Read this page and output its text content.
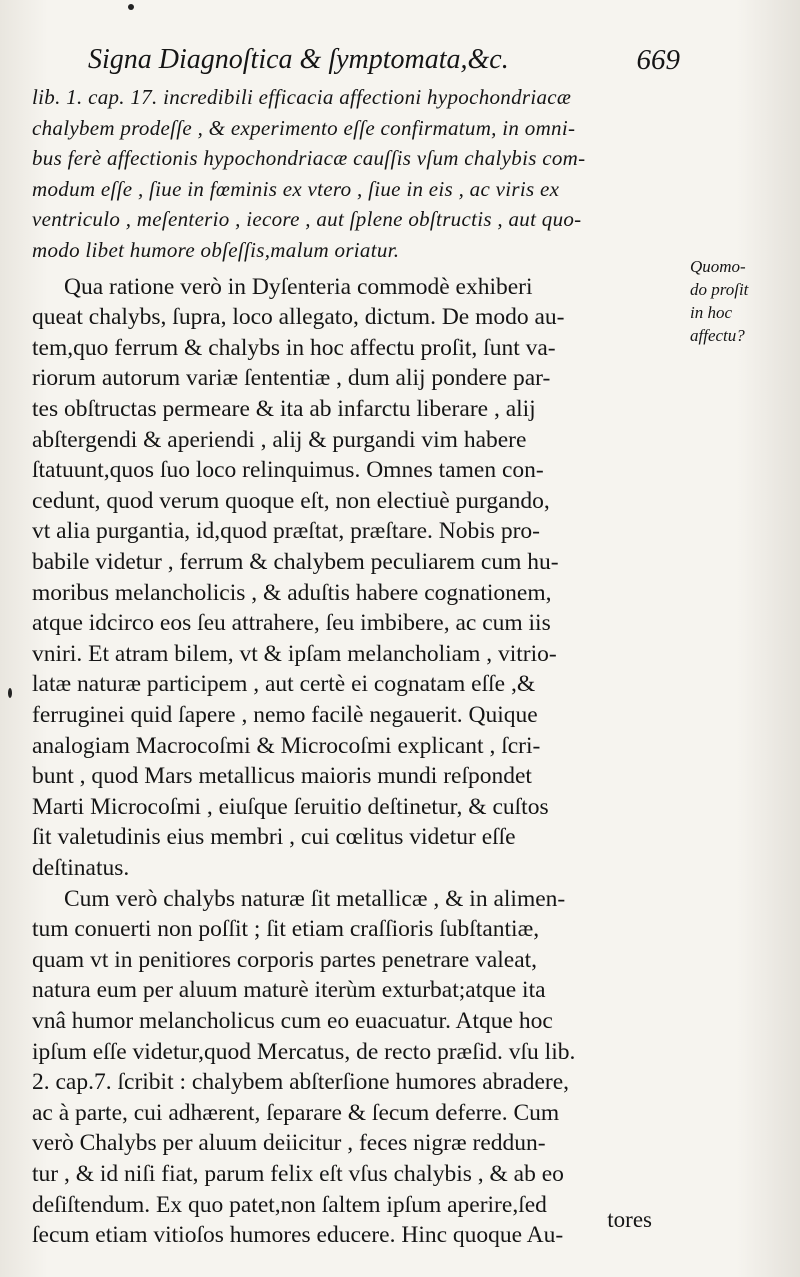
Signa Diagnoſtica & ſymptomata,&c.	669
lib. 1. cap. 17. incredibili efficacia affectioni hypochondriacæ
chalybem prodeſſe , & experimento eſſe confirmatum, in omni-
bus ferè affectionis hypochondriacæ cauſſis vſum chalybis com-
modum eſſe , ſiue in fœminis ex vtero , ſiue in eis , ac viris ex
ventriculo , meſenterio , iecore , aut ſplene obſtructis , aut quo-
modo libet humore obſeſſis,malum oriatur.
Qua ratione verò in Dyſenteria commodè exhiberi
queat chalybs, ſupra, loco allegato, dictum. De modo au-
tem,quo ferrum & chalybs in hoc affectu proſit, ſunt va-
riorum autorum variæ ſententiæ , dum alij pondere par-
tes obſtructas permeare & ita ab infarctu liberare , alij
abſtergendi & aperiendi , alij & purgandi vim habere
ſtatuunt,quos ſuo loco relinquimus. Omnes tamen con-
cedunt, quod verum quoque eſt, non electiuè purgando,
vt alia purgantia, id,quod præſtat, præſtare. Nobis pro-
babile videtur , ferrum & chalybem peculiarem cum hu-
moribus melancholicis , & aduſtis habere cognationem,
atque idcirco eos ſeu attrahere, ſeu imbibere, ac cum iis
vniri. Et atram bilem, vt & ipſam melancholiam , vitrio-
latæ naturæ participem , aut certè ei cognatam eſſe ,&
ferruginei quid ſapere , nemo facilè negauerit. Quique
analogiam Macrocoſmi & Microcoſmi explicant , ſcri-
bunt , quod Mars metallicus maioris mundi reſpondet
Marti Microcoſmi , eiuſque ſeruitio deſtinetur, & cuſtos
ſit valetudinis eius membri , cui cœlitus videtur eſſe
deſtinatus.
Cum verò chalybs naturæ ſit metallicæ , & in alimen-
tum conuerti non poſſit ; ſit etiam craſſioris ſubſtantiæ,
quam vt in penitiores corporis partes penetrare valeat,
natura eum per aluum maturè iterùm exturbat;atque ita
vnâ humor melancholicus cum eo euacuatur. Atque hoc
ipſum eſſe videtur,quod Mercatus, de recto præſid. vſu lib.
2. cap.7. ſcribit : chalybem abſterſione humores abradere,
ac à parte, cui adhærent, ſeparare & ſecum deferre. Cum
verò Chalybs per aluum deiicitur , feces nigræ reddun-
tur , & id niſi fiat, parum felix eſt vſus chalybis , & ab eo
deſiſtendum. Ex quo patet,non ſaltem ipſum aperire,ſed
ſecum etiam vitioſos humores educere. Hinc quoque Au-
Quomo-
do proſit
in hoc
affectu?
tores
